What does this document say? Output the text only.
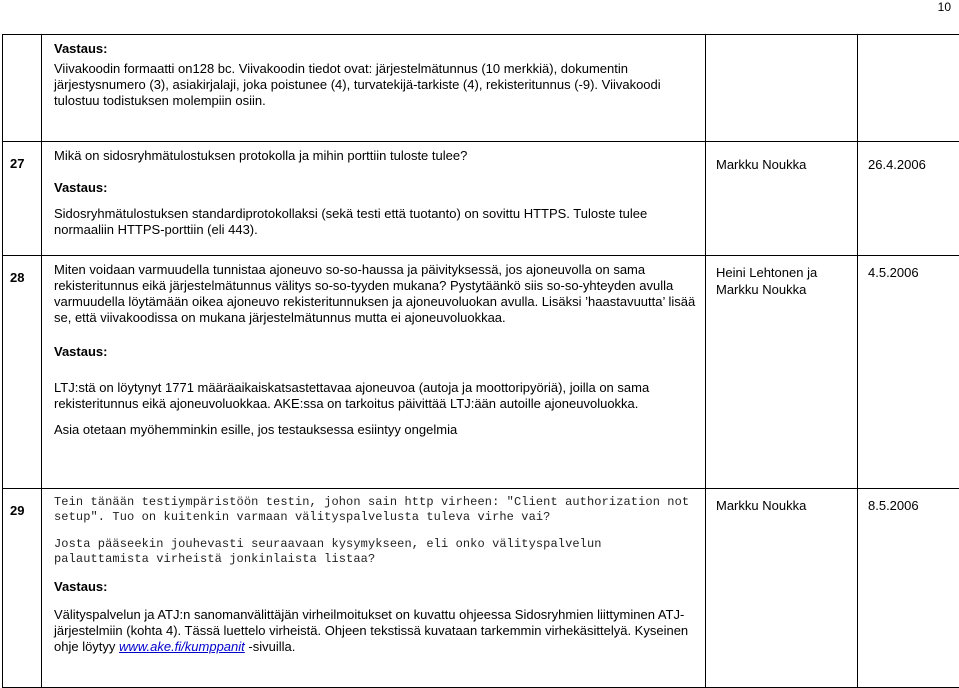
10

	Vastaus:
Viivakoodin formaatti on128 bc. Viivakoodin tiedot ovat: järjestelmätunnus (10 merkkiä), dokumentin järjestysnumero (3), asiakirjalaji, joka poistunee (4), turvatekijä-tarkiste (4), rekisteritunnus (-9). Viivakoodi tulostuu todistuksen molempiin osiin.		

27	Mikä on sidosryhmätulostuksen protokolla ja mihin porttiin tuloste tulee?
Vastaus:
Sidosryhmätulostuksen standardiprotokollaksi (sekä testi että tuotanto) on sovittu HTTPS. Tuloste tulee normaaliin HTTPS-porttiin (eli 443).	Markku Noukka	26.4.2006

28	Miten voidaan varmuudella tunnistaa ajoneuvo so-so-haussa ja päivityksessä, jos ajoneuvolla on sama rekisteritunnus eikä järjestelmätunnus välitys so-so-tyyden mukana? Pystytäänkö siis so-so-yhteyden avulla varmuudella löytämään oikea ajoneuvo rekisteritunnuksen ja ajoneuvoluokan avulla. Lisäksi ’haastavuutta’ lisää se, että viivakoodissa on mukana järjestelmätunnus mutta ei ajoneuvoluokkaa.
Vastaus:
LTJ:stä on löytynyt 1771 määräaikaiskatsastettavaa ajoneuvoa (autoja ja moottoripyöriä), joilla on sama rekisteritunnus eikä ajoneuvoluokkaa. AKE:ssa on tarkoitus päivittää LTJ:ään autoille ajoneuvoluokka.
Asia otetaan myöhemminkin esille, jos testauksessa esiintyy ongelmia	Heini Lehtonen ja Markku Noukka	4.5.2006

29	Tein tänään testiympäristöön testin, johon sain http virheen: "Client authorization not setup". Tuo on kuitenkin varmaan välityspalvelusta tuleva virhe vai?
Josta pääseekin jouhevasti seuraavaan kysymykseen, eli onko välityspalvelun palauttamista virheistä jonkinlaista listaa?
Vastaus:
Välityspalvelun ja ATJ:n sanomanvälittäjän virheilmoitukset on kuvattu ohjeessa Sidosryhmien liittyminen ATJ-järjestelmiin (kohta 4). Tässä luettelo virheistä. Ohjeen tekstissä kuvataan tarkemmin virhekäsittelyä. Kyseinen ohje löytyy www.ake.fi/kumppanit -sivuilla.	Markku Noukka	8.5.2006
